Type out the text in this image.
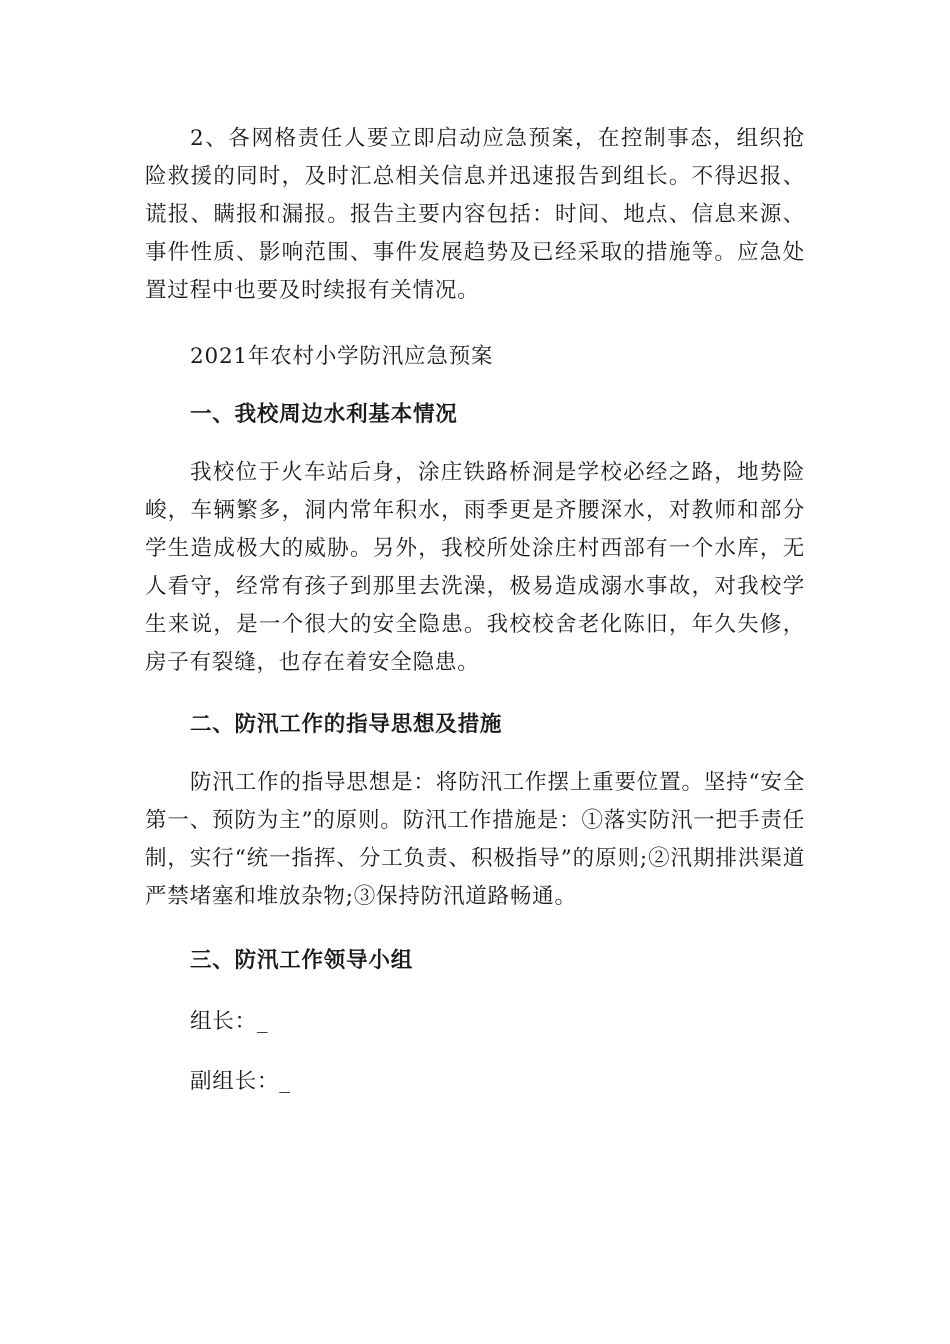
2、各网格责任人要立即启动应急预案，在控制事态，组织抢险救援的同时，及时汇总相关信息并迅速报告到组长。不得迟报、谎报、瞒报和漏报。报告主要内容包括：时间、地点、信息来源、事件性质、影响范围、事件发展趋势及已经采取的措施等。应急处置过程中也要及时续报有关情况。

2021年农村小学防汛应急预案

一、我校周边水利基本情况

我校位于火车站后身，涂庄铁路桥洞是学校必经之路，地势险峻，车辆繁多，洞内常年积水，雨季更是齐腰深水，对教师和部分学生造成极大的威胁。另外，我校所处涂庄村西部有一个水库，无人看守，经常有孩子到那里去洗澡，极易造成溺水事故，对我校学生来说，是一个很大的安全隐患。我校校舍老化陈旧，年久失修，房子有裂缝，也存在着安全隐患。

二、防汛工作的指导思想及措施

防汛工作的指导思想是：将防汛工作摆上重要位置。坚持“安全第一、预防为主”的原则。防汛工作措施是：①落实防汛一把手责任制，实行“统一指挥、分工负责、积极指导”的原则;②汛期排洪渠道严禁堵塞和堆放杂物;③保持防汛道路畅通。

三、防汛工作领导小组

组长：_

副组长：_
